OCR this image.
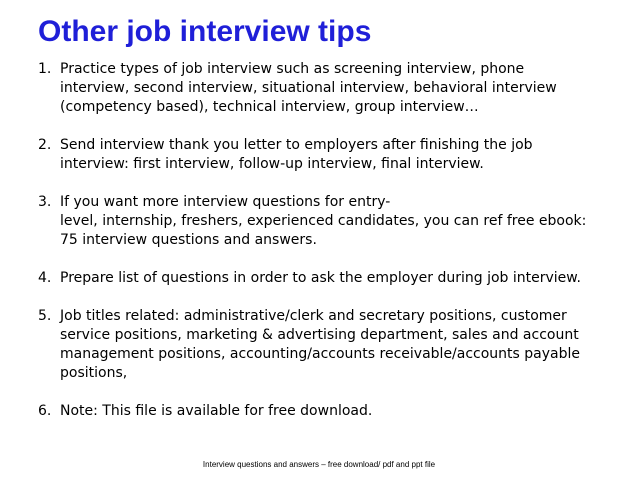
Other job interview tips
1. Practice types of job interview such as screening interview, phone
interview, second interview, situational interview, behavioral interview
(competency based), technical interview, group interview…
2. Send interview thank you letter to employers after finishing the job
interview: first interview, follow-up interview, final interview.
3. If you want more interview questions for entry-
level, internship, freshers, experienced candidates, you can ref free ebook:
75 interview questions and answers.
4. Prepare list of questions in order to ask the employer during job interview.
5. Job titles related: administrative/clerk and secretary positions, customer
service positions, marketing & advertising department, sales and account
management positions, accounting/accounts receivable/accounts payable
positions,
6. Note: This file is available for free download.
Interview questions and answers – free download/ pdf and ppt file
